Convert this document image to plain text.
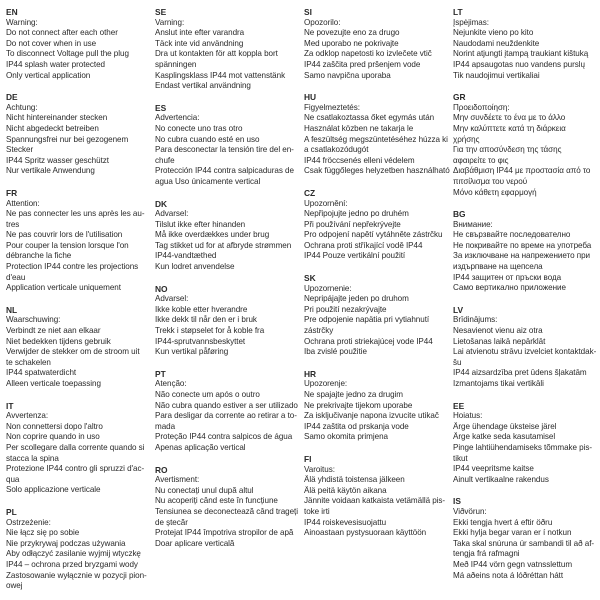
EN
Warning:
Do not connect after each other
Do not cover when in use
To disconnect Voltage pull the plug
IP44 splash water protected
Only vertical application
DE
Achtung:
Nicht hintereinander stecken
Nicht abgedeckt betreiben
Spannungsfrei nur bei gezogenem
Stecker
IP44 Spritz wasser geschützt
Nur vertikale Anwendung
FR
Attention:
Ne pas connecter les uns après les au-
tres
Ne pas couvrir lors de l'utilisation
Pour couper la tension lorsque l'on
débranche la fiche
Protection IP44 contre les projections
d'eau
Application verticale uniquement
NL
Waarschuwing:
Verbindt ze niet aan elkaar
Niet bedekken tijdens gebruik
Verwijder de stekker om de stroom uit
te schakelen
IP44 spatwaterdicht
Alleen verticale toepassing
IT
Avvertenza:
Non connettersi dopo l'altro
Non coprire quando in uso
Per scollegare dalla corrente quando si
stacca la spina
Protezione IP44 contro gli spruzzi d'ac-
qua
Solo applicazione verticale
PL
Ostrzeżenie:
Nie łącz się po sobie
Nie przykrywaj podczas używania
Aby odłączyć zasilanie wyjmij wtyczkę
IP44 – ochrona przed bryzgami wody
Zastosowanie wyłącznie w pozycji pion-
owej
SE
Varning:
Anslut inte efter varandra
Täck inte vid användning
Dra ut kontakten för att koppla bort
spänningen
Kasplingsklass IP44 mot vattenstänk
Endast vertikal användning
ES
Advertencia:
No conecte uno tras otro
No cubra cuando esté en uso
Para desconectar la tensión tire del en-
chufe
Protección IP44 contra salpicaduras de
agua Uso únicamente vertical
DK
Advarsel:
Tilslut ikke efter hinanden
Må ikke overdækkes under brug
Tag stikket ud for at afbryde strømmen
IP44-vandtæthed
Kun lodret anvendelse
NO
Advarsel:
Ikke koble etter hverandre
Ikke dekk til når den er i bruk
Trekk i støpselet for å koble fra
IP44-sprutvannsbeskyttet
Kun vertikal påføring
PT
Atenção:
Não conecte um após o outro
Não cubra quando estiver a ser utilizado
Para desligar da corrente ao retirar a to-
mada
Proteção IP44 contra salpicos de água
Apenas aplicação vertical
RO
Avertisment:
Nu conectați unul după altul
Nu acoperiți când este în funcțiune
Tensiunea se deconectează când trageți
de ștecăr
Protejat IP44 împotriva stropilor de apă
Doar aplicare verticală
SI
Opozorilo:
Ne povezujte eno za drugo
Med uporabo ne pokrivajte
Za odklop napetosti ko izvlečete vtič
IP44 zaščita pred pršenjem vode
Samo navpična uporaba
HU
Figyelmeztetés:
Ne csatlakoztassa őket egymás után
Használat közben ne takarja le
A feszültség megszüntetéséhez húzza ki
a csatlakozódugót
IP44 fröccsenés elleni védelem
Csak függőleges helyzetben használható
CZ
Upozornění:
Nepřipojujte jedno po druhém
Při používání nepřekrývejte
Pro odpojení napětí vytáhněte zástrčku
Ochrana proti stříkající vodě IP44
IP44 Pouze vertikální použití
SK
Upozornenie:
Nepripájajte jeden po druhom
Pri použití nezakrývajte
Pre odpojenie napätia pri vytiahnutí
zástrčky
Ochrana proti striekajúcej vode IP44
Iba zvislé použitie
HR
Upozorenje:
Ne spajajte jedno za drugim
Ne prekrivajte tijekom uporabe
Za isključivanje napona izvucite utikač
IP44 zaštita od prskanja vode
Samo okomita primjena
FI
Varoitus:
Älä yhdistä toistensa jälkeen
Älä peitä käytön aikana
Jännite voidaan katkaista vetämällä pis-
toke irti
IP44 roiskevesisuojattu
Ainoastaan pystysuoraan käyttöön
LT
Įspėjimas:
Nejunkite vieno po kito
Naudodami neuždenkite
Norint atjungti įtampą traukiant kištuką
IP44 apsaugotas nuo vandens purslų
Tik naudojimui vertikaliai
GR
Προειδοποίηση:
Μην συνδέετε το ένα με το άλλο
Μην καλύπτετε κατά τη διάρκεια
χρήσης
Για την αποσύνδεση της τάσης
αφαιρείτε το φις
Διαβάθμιση IP44 με προστασία από το
πιτσίλισμα του νερού
Μόνο κάθετη εφαρμογή
BG
Внимание:
Не свързвайте последователно
Не покривайте по време на употреба
За изключване на напрежението при
издърпване на щепсела
IP44 защитен от пръски вода
Само вертикално приложение
LV
Brīdinājums:
Nesavienot vienu aiz otra
Lietošanas laikā nepārklāt
Lai atvienotu strāvu izvelciet kontaktdak-
šu
IP44 aizsardzība pret ūdens šļakatām
Izmantojams tikai vertikāli
EE
Hoiatus:
Ärge ühendage üksteise järel
Ärge katke seda kasutamisel
Pinge lahtiühendamiseks tõmmake pis-
tikut
IP44 veepritsme kaitse
Ainult vertikaalne rakendus
IS
Viðvörun:
Ekki tengja hvert á eftir öðru
Ekki hylja begar varan er í notkun
Taka skal snúruna úr sambandi til að af-
tengja frá rafmagni
Með IP44 vörn gegn vatnsslettum
Má aðeins nota á lóðréttan hátt
